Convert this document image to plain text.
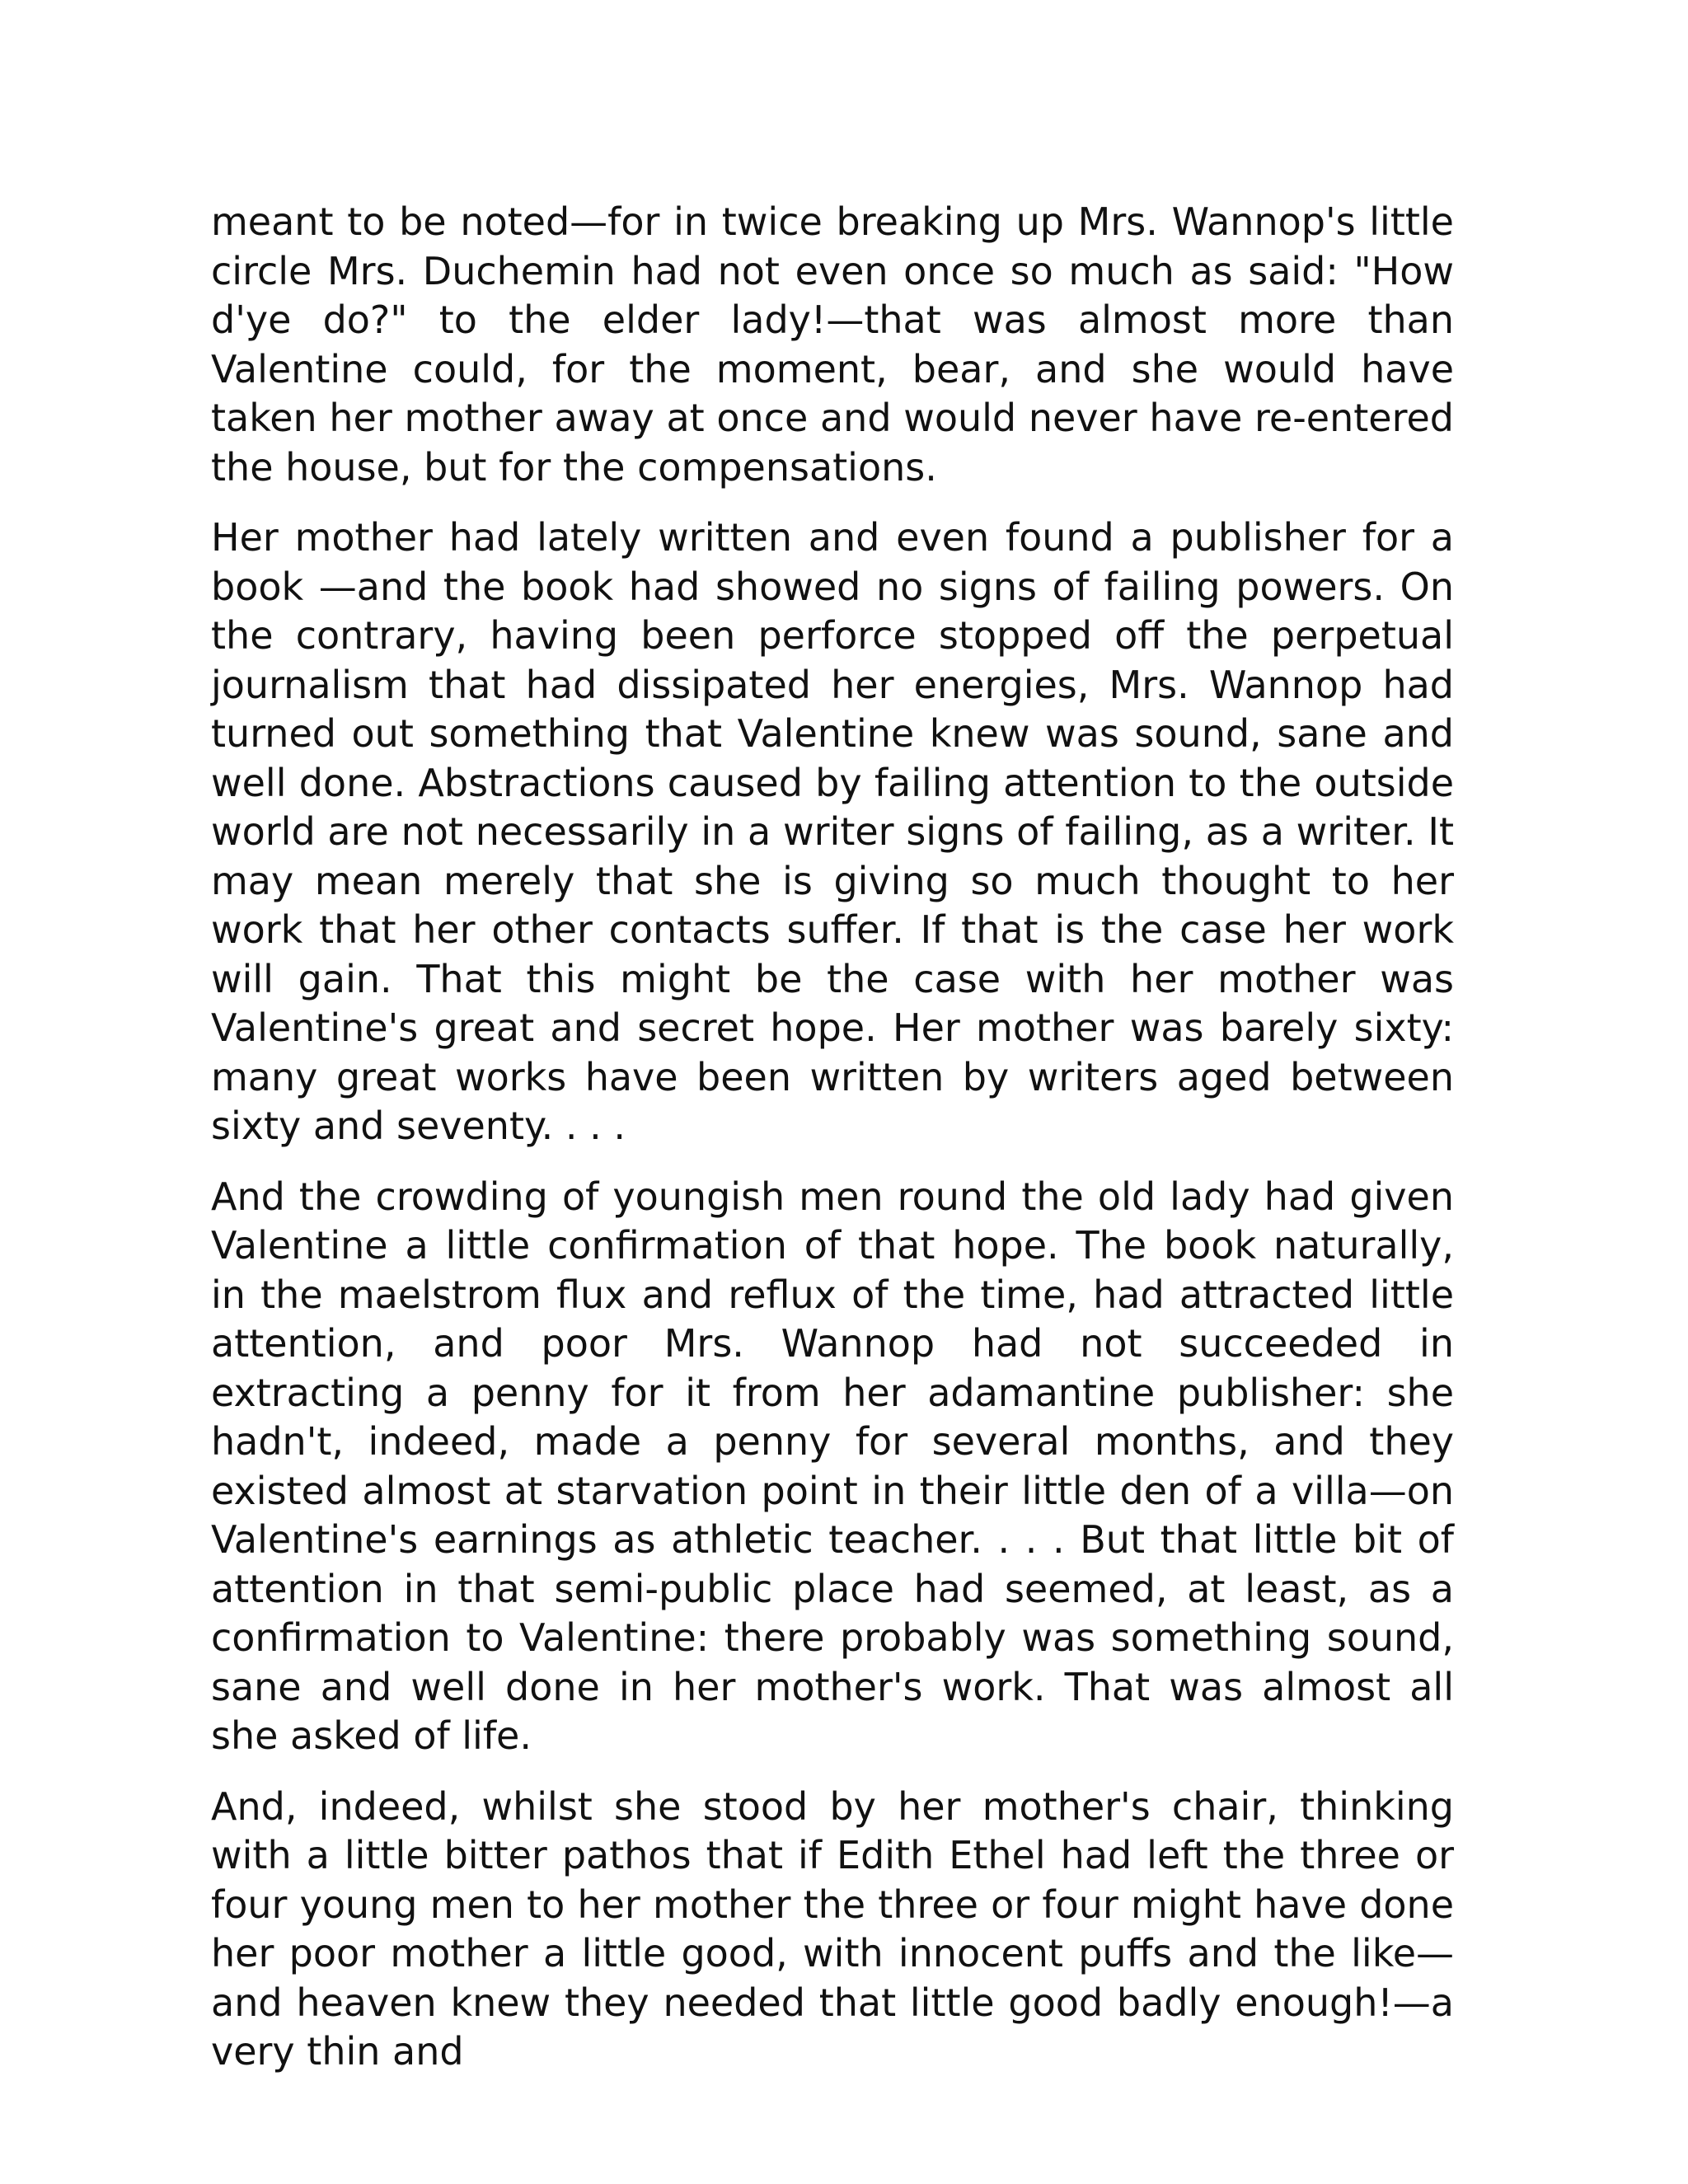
meant to be noted—for in twice breaking up Mrs. Wannop's little circle Mrs. Duchemin had not even once so much as said: "How d'ye do?" to the elder lady!—that was almost more than Valentine could, for the moment, bear, and she would have taken her mother away at once and would never have re-entered the house, but for the compensations.

Her mother had lately written and even found a publisher for a book —and the book had showed no signs of failing powers. On the contrary, having been perforce stopped off the perpetual journalism that had dissipated her energies, Mrs. Wannop had turned out something that Valentine knew was sound, sane and well done. Abstractions caused by failing attention to the outside world are not necessarily in a writer signs of failing, as a writer. It may mean merely that she is giving so much thought to her work that her other contacts suffer. If that is the case her work will gain. That this might be the case with her mother was Valentine's great and secret hope. Her mother was barely sixty: many great works have been written by writers aged between sixty and seventy. . . .

And the crowding of youngish men round the old lady had given Valentine a little confirmation of that hope. The book naturally, in the maelstrom flux and reflux of the time, had attracted little attention, and poor Mrs. Wannop had not succeeded in extracting a penny for it from her adamantine publisher: she hadn't, indeed, made a penny for several months, and they existed almost at starvation point in their little den of a villa—on Valentine's earnings as athletic teacher. . . . But that little bit of attention in that semi-public place had seemed, at least, as a confirmation to Valentine: there probably was something sound, sane and well done in her mother's work. That was almost all she asked of life.

And, indeed, whilst she stood by her mother's chair, thinking with a little bitter pathos that if Edith Ethel had left the three or four young men to her mother the three or four might have done her poor mother a little good, with innocent puffs and the like—and heaven knew they needed that little good badly enough!—a very thin and
